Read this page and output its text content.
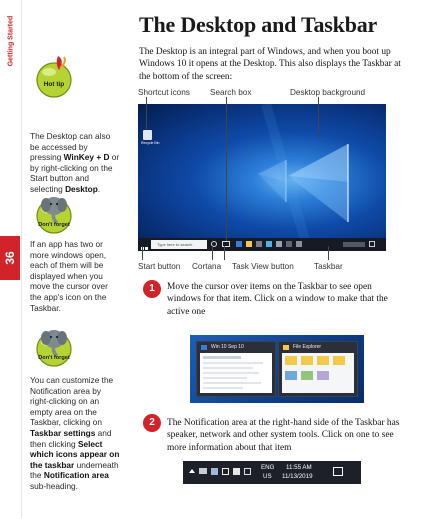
Getting Started
36
Hot tip
The Desktop can also be accessed by pressing WinKey + D or by right-clicking on the Start button and selecting Desktop.
Don't forget
If an app has two or more windows open, each of them will be displayed when you move the cursor over the app's icon on the Taskbar.
Don't forget
You can customize the Notification area by right-clicking on an empty area on the Taskbar, clicking on Taskbar settings and then clicking Select which icons appear on the taskbar underneath the Notification area sub-heading.
The Desktop and Taskbar
The Desktop is an integral part of Windows, and when you boot up Windows 10 it opens at the Desktop. This also displays the Taskbar at the bottom of the screen:
Shortcut icons Search box	Desktop background
Recycle Bin
Type here to search
Start button Cortana Task View button Taskbar
1	Move the cursor over items on the Taskbar to see open windows for that item. Click on a window to make that the active one
Win 10 Sep 10	File Explorer
2	The Notification area at the right-hand side of the Taskbar has speaker, network and other system tools. Click on one to see more information about that item
ENG
US
11:55 AM
11/13/2019
